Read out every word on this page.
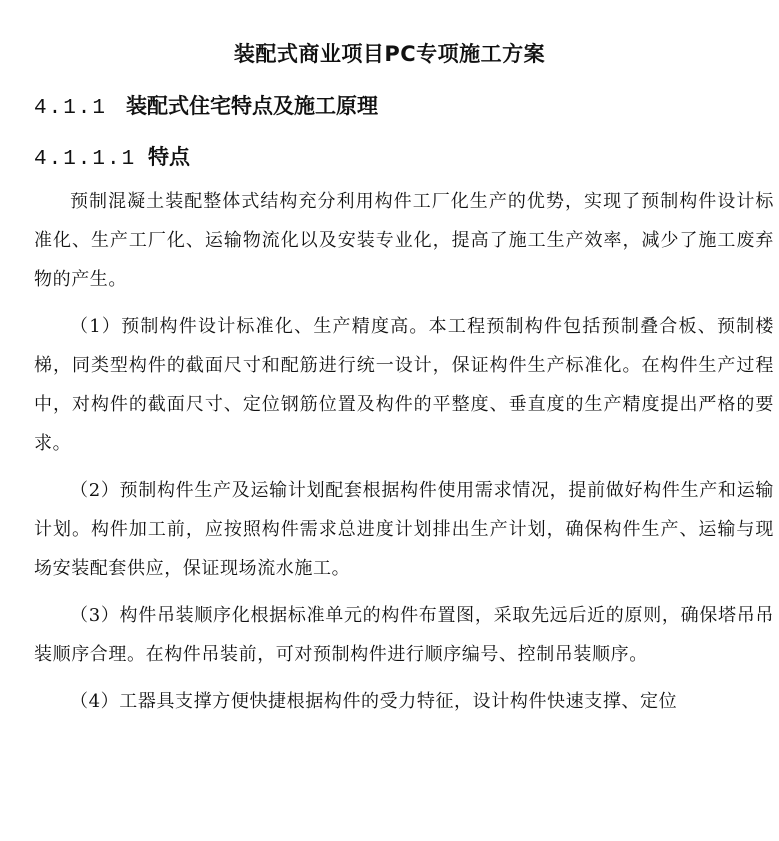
装配式商业项目PC专项施工方案
4.1.1 装配式住宅特点及施工原理
4.1.1.1 特点

预制混凝土装配整体式结构充分利用构件工厂化生产的优势，实现了预制构件设计标准化、生产工厂化、运输物流化以及安装专业化，提高了施工生产效率，减少了施工废弃物的产生。

（1）预制构件设计标准化、生产精度高。本工程预制构件包括预制叠合板、预制楼梯，同类型构件的截面尺寸和配筋进行统一设计，保证构件生产标准化。在构件生产过程中，对构件的截面尺寸、定位钢筋位置及构件的平整度、垂直度的生产精度提出严格的要求。

（2）预制构件生产及运输计划配套根据构件使用需求情况，提前做好构件生产和运输计划。构件加工前，应按照构件需求总进度计划排出生产计划，确保构件生产、运输与现场安装配套供应，保证现场流水施工。

（3）构件吊装顺序化根据标准单元的构件布置图，采取先远后近的原则，确保塔吊吊装顺序合理。在构件吊装前，可对预制构件进行顺序编号、控制吊装顺序。

（4）工器具支撑方便快捷根据构件的受力特征，设计构件快速支撑、定位
